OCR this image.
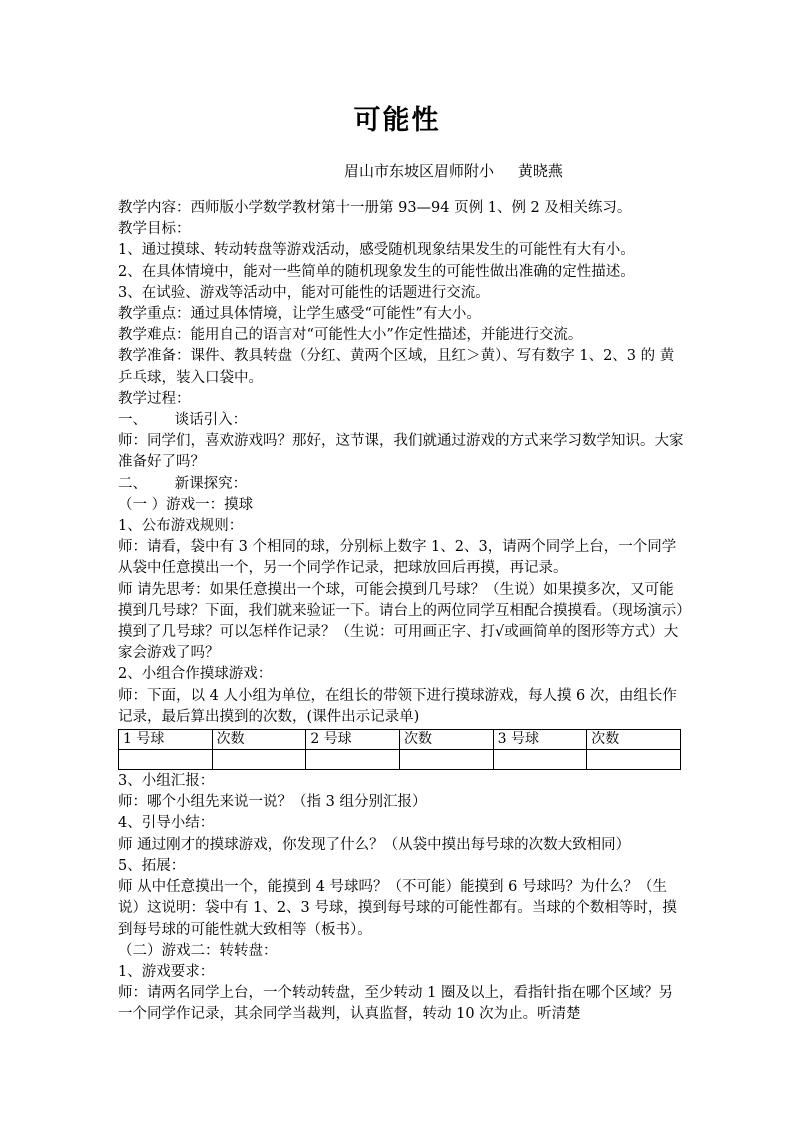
可能性
眉山市东坡区眉师附小     黄晓燕

教学内容：西师版小学数学教材第十一册第 93—94 页例 1、例 2 及相关练习。

教学目标：

1、通过摸球、转动转盘等游戏活动，感受随机现象结果发生的可能性有大有小。

2、在具体情境中，能对一些简单的随机现象发生的可能性做出准确的定性描述。

3、在试验、游戏等活动中，能对可能性的话题进行交流。

教学重点：通过具体情境，让学生感受“可能性”有大小。

教学难点：能用自己的语言对“可能性大小”作定性描述，并能进行交流。

教学准备：课件、教具转盘（分红、黄两个区域，且红＞黄）、写有数字 1、2、3 的 黄乒乓球，装入口袋中。

教学过程：

一、      谈话引入：

师：同学们，喜欢游戏吗？那好，这节课，我们就通过游戏的方式来学习数学知识。大家准备好了吗？

二、      新课探究：

（一 ）游戏一：摸球

1、公布游戏规则：

师：请看，袋中有 3 个相同的球，分别标上数字 1、2、3，请两个同学上台，一个同学从袋中任意摸出一个，另一个同学作记录，把球放回后再摸，再记录。

师 请先思考：如果任意摸出一个球，可能会摸到几号球？（生说）如果摸多次，又可能摸到几号球？下面，我们就来验证一下。请台上的两位同学互相配合摸摸看。（现场演示）摸到了几号球？可以怎样作记录？（生说：可用画正字、打√或画简单的图形等方式）大家会游戏了吗？

2、小组合作摸球游戏：

师：下面，以 4 人小组为单位，在组长的带领下进行摸球游戏，每人摸 6 次，由组长作记录，最后算出摸到的次数，(课件出示记录单)

1 号球	次数	2 号球	次数	3 号球	次数

3、小组汇报：

师：哪个小组先来说一说？（指 3 组分别汇报）

4、引导小结：

师 通过刚才的摸球游戏，你发现了什么？（从袋中摸出每号球的次数大致相同）

5、拓展：

师 从中任意摸出一个，能摸到 4 号球吗？（不可能）能摸到 6 号球吗？为什么？（生说）这说明：袋中有 1、2、3 号球，摸到每号球的可能性都有。当球的个数相等时，摸到每号球的可能性就大致相等（板书）。

（二）游戏二：转转盘：

1、游戏要求：

师：请两名同学上台，一个转动转盘，至少转动 1 圈及以上，看指针指在哪个区域？另一个同学作记录，其余同学当裁判，认真监督，转动 10 次为止。听清楚
